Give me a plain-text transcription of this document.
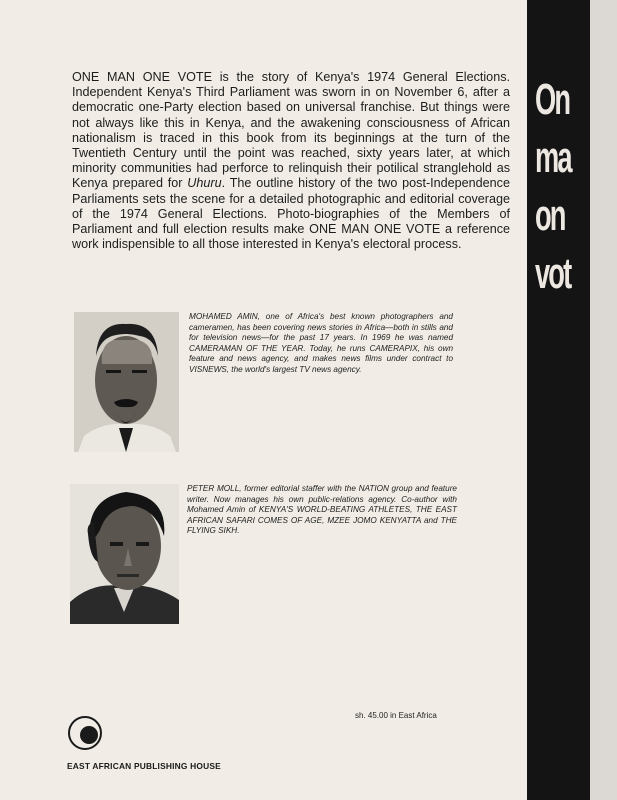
ONE MAN ONE VOTE is the story of Kenya's 1974 General Elections. Independent Kenya's Third Parliament was sworn in on November 6, after a democratic one-Party election based on universal franchise. But things were not always like this in Kenya, and the awakening consciousness of African nationalism is traced in this book from its beginnings at the turn of the Twentieth Century until the point was reached, sixty years later, at which minority communities had perforce to relinquish their potilical stranglehold as Kenya prepared for Uhuru. The outline history of the two post-Independence Parliaments sets the scene for a detailed photographic and editorial coverage of the 1974 General Elections. Photo-biographies of the Members of Parliament and full election results make ONE MAN ONE VOTE a reference work indispensible to all those interested in Kenya's electoral process.

MOHAMED AMIN, one of Africa's best known photographers and cameramen, has been covering news stories in Africa—both in stills and for television news—for the past 17 years. In 1969 he was named CAMERAMAN OF THE YEAR. Today, he runs CAMERAPIX, his own feature and news agency, and makes news films under contract to VISNEWS, the world's largest TV news agency.
PETER MOLL, former editorial staffer with the NATION group and feature writer. Now manages his own public-relations agency. Co-author with Mohamed Amin of KENYA'S WORLD-BEATING ATHLETES, THE EAST AFRICAN SAFARI COMES OF AGE, MZEE JOMO KENYATTA and THE FLYING SIKH.
sh. 45.00 in East Africa
EAST AFRICAN PUBLISHING HOUSE
On
ma
on
vot
